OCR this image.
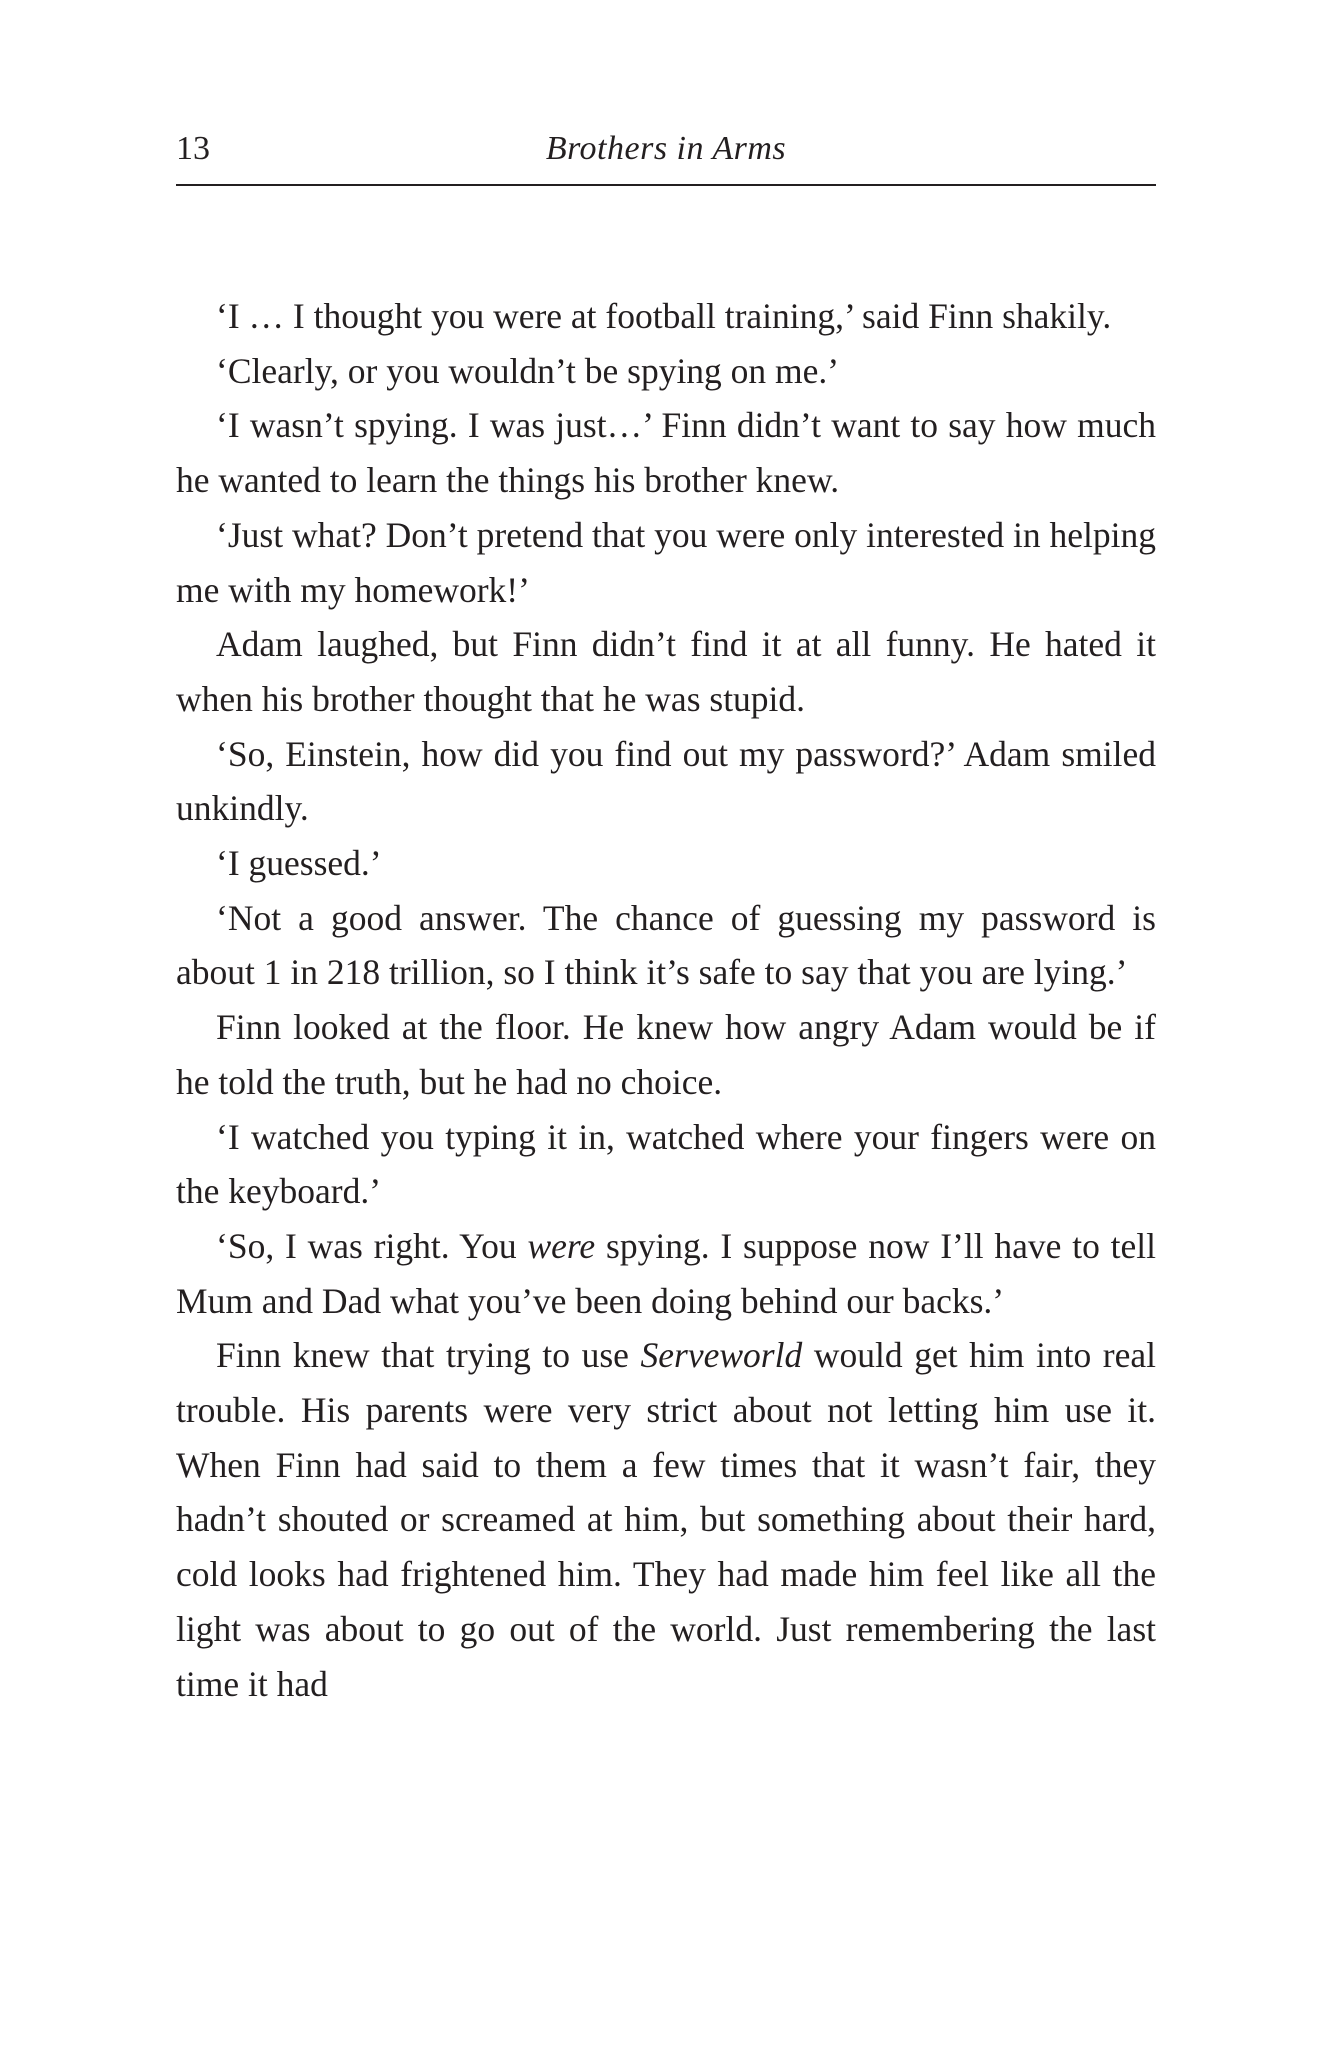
13	Brothers in Arms

‘I … I thought you were at football training,’ said Finn shakily.

‘Clearly, or you wouldn’t be spying on me.’

‘I wasn’t spying. I was just…’ Finn didn’t want to say how much he wanted to learn the things his brother knew.

‘Just what? Don’t pretend that you were only interested in helping me with my homework!’

Adam laughed, but Finn didn’t find it at all funny. He hated it when his brother thought that he was stupid.

‘So, Einstein, how did you find out my password?’ Adam smiled unkindly.

‘I guessed.’

‘Not a good answer. The chance of guessing my password is about 1 in 218 trillion, so I think it’s safe to say that you are lying.’

Finn looked at the floor. He knew how angry Adam would be if he told the truth, but he had no choice.

‘I watched you typing it in, watched where your fingers were on the keyboard.’

‘So, I was right. You were spying. I suppose now I’ll have to tell Mum and Dad what you’ve been doing behind our backs.’

Finn knew that trying to use Serveworld would get him into real trouble. His parents were very strict about not letting him use it. When Finn had said to them a few times that it wasn’t fair, they hadn’t shouted or screamed at him, but something about their hard, cold looks had frightened him. They had made him feel like all the light was about to go out of the world. Just remembering the last time it had
